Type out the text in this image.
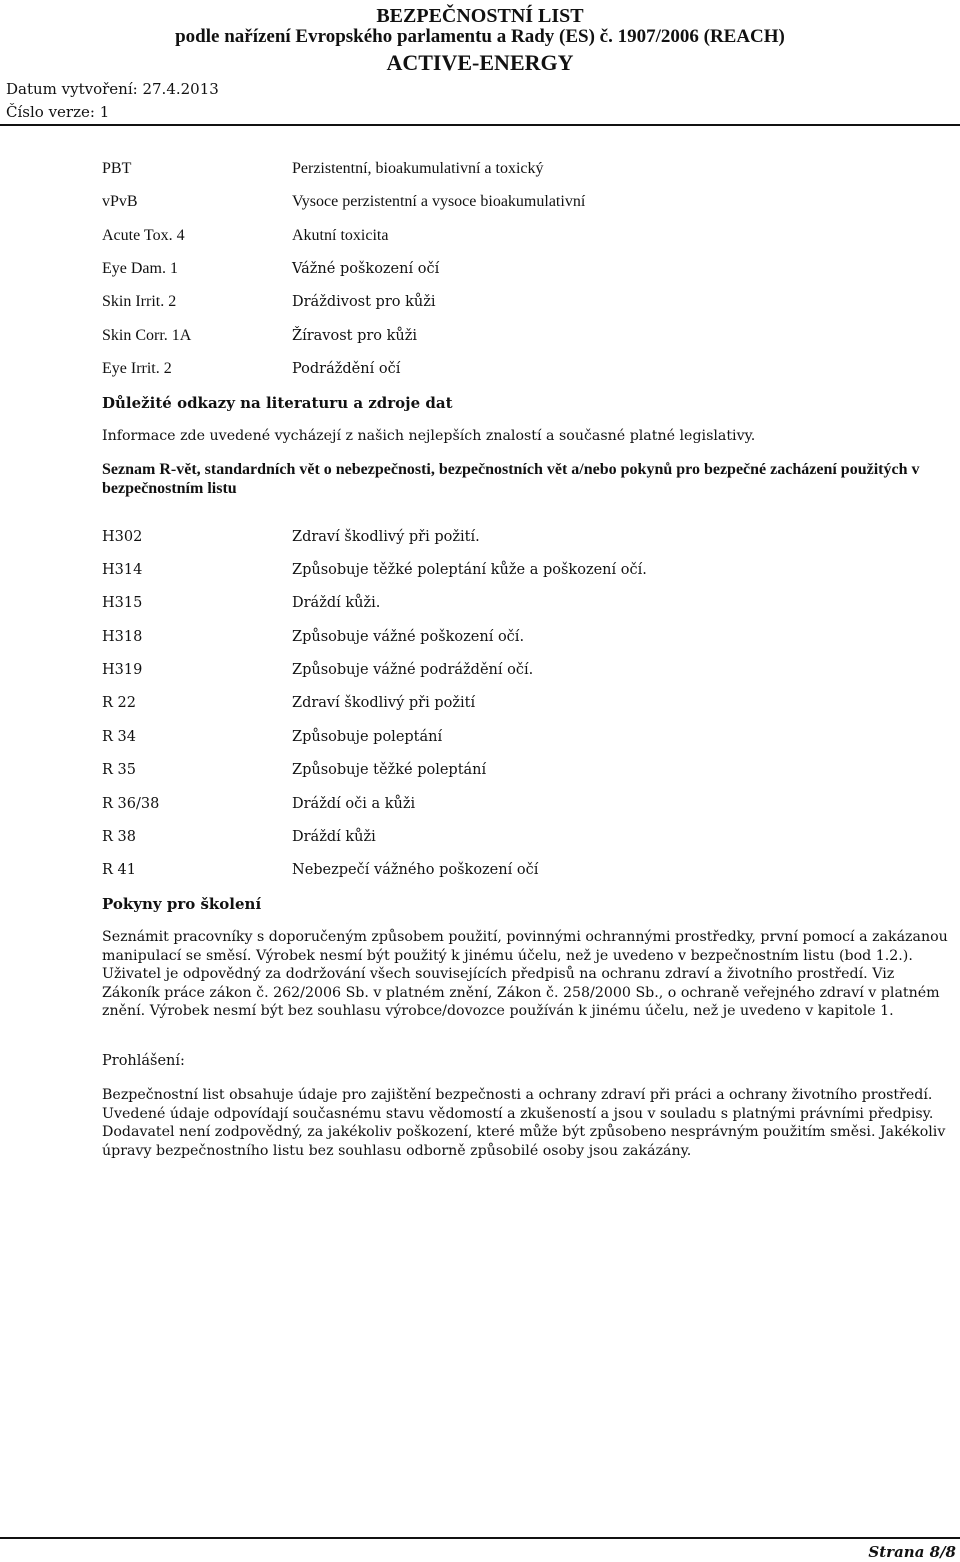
BEZPEČNOSTNÍ LIST
podle nařízení Evropského parlamentu a Rady (ES) č. 1907/2006 (REACH)
ACTIVE-ENERGY
Datum vytvoření: 27.4.2013
Číslo verze: 1
PBT	Perzistentní, bioakumulativní a toxický
vPvB	Vysoce perzistentní a vysoce bioakumulativní
Acute Tox. 4	Akutní toxicita
Eye Dam. 1	Vážné poškození očí
Skin Irrit. 2	Dráždivost pro kůži
Skin Corr. 1A	Žíravost pro kůži
Eye Irrit. 2	Podráždění očí
Důležité odkazy na literaturu a zdroje dat

Informace zde uvedené vycházejí z našich nejlepších znalostí a současné platné legislativy.

Seznam R-vět, standardních vět o nebezpečnosti, bezpečnostních vět a/nebo pokynů pro bezpečné zacházení použitých v bezpečnostním listu
H302	Zdraví škodlivý při požití.
H314	Způsobuje těžké poleptání kůže a poškození očí.
H315	Dráždí kůži.
H318	Způsobuje vážné poškození očí.
H319	Způsobuje vážné podráždění očí.
R 22	Zdraví škodlivý při požití
R 34	Způsobuje poleptání
R 35	Způsobuje těžké poleptání
R 36/38	Dráždí oči a kůži
R 38	Dráždí kůži
R 41	Nebezpečí vážného poškození očí
Pokyny pro školení

Seznámit pracovníky s doporučeným způsobem použití, povinnými ochrannými prostředky, první pomocí a zakázanou manipulací se směsí. Výrobek nesmí být použitý k jinému účelu, než je uvedeno v bezpečnostním listu (bod 1.2.). Uživatel je odpovědný za dodržování všech souvisejících předpisů na ochranu zdraví a životního prostředí. Viz Zákoník práce zákon č. 262/2006 Sb. v platném znění, Zákon č. 258/2000 Sb., o ochraně veřejného zdraví v platném znění. Výrobek nesmí být bez souhlasu výrobce/dovozce používán k jinému účelu, než je uvedeno v kapitole 1.

Prohlášení:

Bezpečnostní list obsahuje údaje pro zajištění bezpečnosti a ochrany zdraví při práci a ochrany životního prostředí. Uvedené údaje odpovídají současnému stavu vědomostí a zkušeností a jsou v souladu s platnými právními předpisy. Dodavatel není zodpovědný, za jakékoliv poškození, které může být způsobeno nesprávným použitím směsi. Jakékoliv úpravy bezpečnostního listu bez souhlasu odborně způsobilé osoby jsou zakázány.

Strana 8/8
